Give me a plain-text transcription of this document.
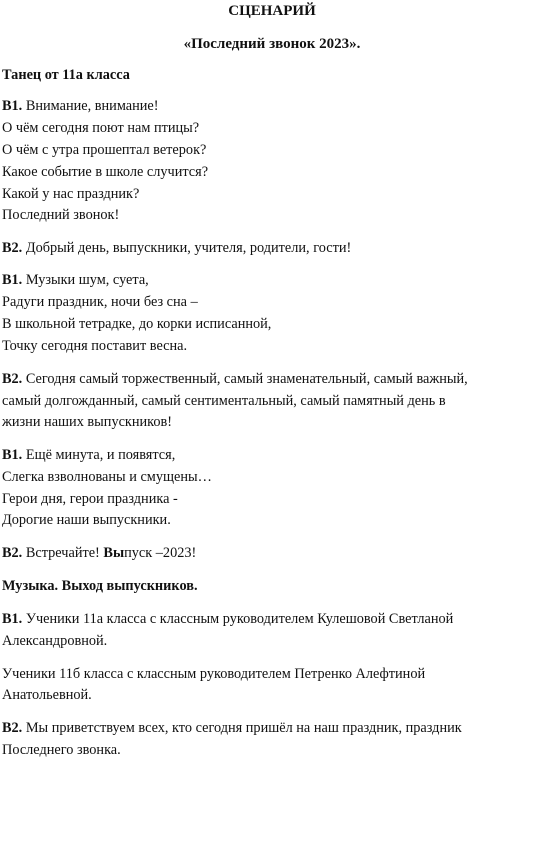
СЦЕНАРИЙ
«Последний звонок 2023».
Танец от 11а класса
В1. Внимание, внимание!
О чём сегодня поют нам птицы?
О чём с утра прошептал ветерок?
Какое событие в школе случится?
Какой у нас праздник?
Последний звонок!
В2. Добрый день, выпускники, учителя, родители, гости!
В1. Музыки шум, суета,
Радуги праздник, ночи без сна –
В школьной тетрадке, до корки исписанной,
Точку сегодня поставит весна.
В2. Сегодня самый торжественный, самый знаменательный, самый важный,
самый долгожданный, самый сентиментальный, самый памятный день в
жизни наших выпускников!
В1. Ещё минута, и появятся,
Слегка взволнованы и смущены…
Герои дня, герои праздника -
Дорогие наши выпускники.
В2. Встречайте! Выпуск –2023!
Музыка. Выход выпускников.
В1. Ученики 11а класса с классным руководителем Кулешовой Светланой
Александровной.
Ученики 11б класса с классным руководителем Петренко Алефтиной
Анатольевной.
В2. Мы приветствуем всех, кто сегодня пришёл на наш праздник, праздник
Последнего звонка.
